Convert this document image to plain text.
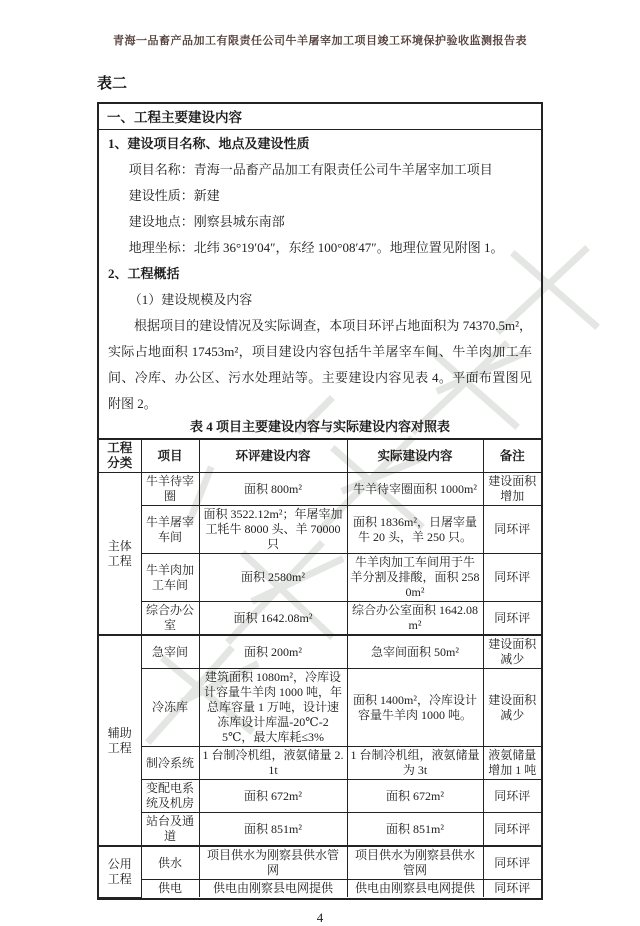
青海一品畜产品加工有限责任公司牛羊屠宰加工项目竣工环境保护验收监测报告表
表二
一、工程主要建设内容

1、建设项目名称、地点及建设性质

项目名称：青海一品畜产品加工有限责任公司牛羊屠宰加工项目

建设性质：新建

建设地点：刚察县城东南部

地理坐标：北纬 36°19′04″，东经 100°08′47″。地理位置见附图 1。

2、工程概括

（1）建设规模及内容

根据项目的建设情况及实际调查，本项目环评占地面积为 74370.5m²，实际占地面积 17453m²，项目建设内容包括牛羊屠宰车间、牛羊肉加工车间、冷库、办公区、污水处理站等。主要建设内容见表 4。平面布置图见附图 2。

表 4 项目主要建设内容与实际建设内容对照表
工程分类	项目	环评建设内容	实际建设内容	备注
主体工程	牛羊待宰圈	面积 800m²	牛羊待宰圈面积 1000m²	建设面积增加
	牛羊屠宰车间	面积 3522.12m²；年屠宰加工牦牛 8000 头、羊 70000 只	面积 1836m²，日屠宰量牛 20 头，羊 250 只。	同环评
	牛羊肉加工车间	面积 2580m²	牛羊肉加工车间用于牛羊分割及排酸，面积 2580m²	同环评
	综合办公室	面积 1642.08m²	综合办公室面积 1642.08m²	同环评
辅助工程	急宰间	面积 200m²	急宰间面积 50m²	建设面积减少
	冷冻库	建筑面积 1080m²，冷库设计容量牛羊肉 1000 吨，年总库容量 1 万吨，设计速冻库设计库温-20℃-25℃，最大库耗≤3%	面积 1400m²，冷库设计容量牛羊肉 1000 吨。	建设面积减少
	制冷系统	1 台制冷机组，液氨储量 2.1t	1 台制冷机组，液氨储量为 3t	液氨储量增加 1 吨
	变配电系统及机房	面积 672m²	面积 672m²	同环评
	站台及通道	面积 851m²	面积 851m²	同环评
公用工程	供水	项目供水为刚察县供水管网	项目供水为刚察县供水管网	同环评
	供电	供电由刚察县电网提供	供电由刚察县电网提供	同环评
4
